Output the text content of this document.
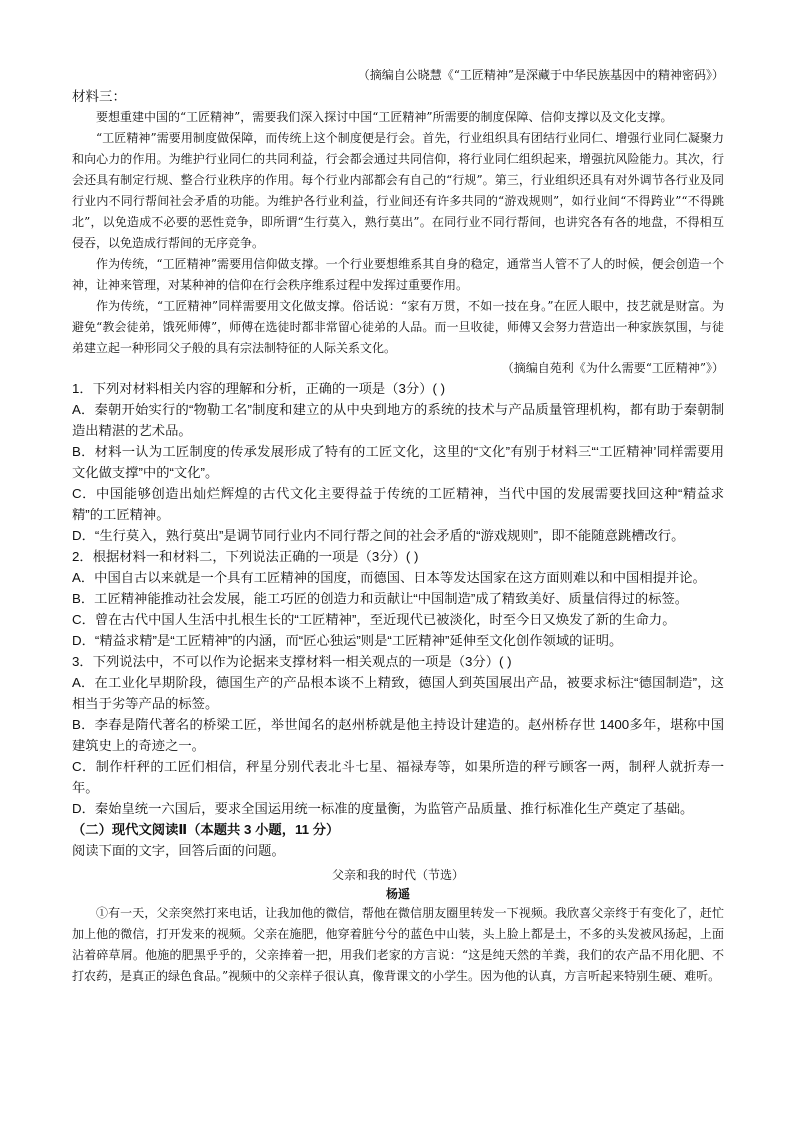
（摘编自公晓慧《“工匠精神”是深藏于中华民族基因中的精神密码》）
材料三：

要想重建中国的“工匠精神”，需要我们深入探讨中国“工匠精神”所需要的制度保障、信仰支撑以及文化支撑。

“工匠精神”需要用制度做保障，而传统上这个制度便是行会。首先，行业组织具有团结行业同仁、增强行业同仁凝聚力和向心力的作用。为维护行业同仁的共同利益，行会都会通过共同信仰，将行业同仁组织起来，增强抗风险能力。其次，行会还具有制定行规、整合行业秩序的作用。每个行业内部都会有自己的“行规”。第三，行业组织还具有对外调节各行业及同行业内不同行帮间社会矛盾的功能。为维护各行业利益，行业间还有许多共同的“游戏规则”，如行业间“不得跨业”“不得跳北”，以免造成不必要的恶性竞争，即所谓“生行莫入，熟行莫出”。在同行业不同行帮间，也讲究各有各的地盘，不得相互侵吞，以免造成行帮间的无序竞争。

作为传统，“工匠精神”需要用信仰做支撑。一个行业要想维系其自身的稳定，通常当人管不了人的时候，便会创造一个神，让神来管理，对某种神的信仰在行会秩序维系过程中发挥过重要作用。

作为传统，“工匠精神”同样需要用文化做支撑。俗话说：“家有万贯，不如一技在身。”在匠人眼中，技艺就是财富。为避免“教会徒弟，饿死师傅”，师傅在选徒时都非常留心徒弟的人品。而一旦收徒，师傅又会努力营造出一种家族氛围，与徒弟建立起一种形同父子般的具有宗法制特征的人际关系文化。

（摘编自苑利《为什么需要“工匠精神”》）

1．下列对材料相关内容的理解和分析，正确的一项是（3分）( )

A．秦朝开始实行的“物勒工名”制度和建立的从中央到地方的系统的技术与产品质量管理机构，都有助于秦朝制造出精湛的艺术品。

B．材料一认为工匠制度的传承发展形成了特有的工匠文化，这里的“文化”有别于材料三“‘工匠精神’同样需要用文化做支撑”中的“文化”。

C．中国能够创造出灿烂辉煌的古代文化主要得益于传统的工匠精神，当代中国的发展需要找回这种“精益求精”的工匠精神。

D．“生行莫入，熟行莫出”是调节同行业内不同行帮之间的社会矛盾的“游戏规则”，即不能随意跳槽改行。

2．根据材料一和材料二，下列说法正确的一项是（3分）( )

A．中国自古以来就是一个具有工匠精神的国度，而德国、日本等发达国家在这方面则难以和中国相提并论。

B．工匠精神能推动社会发展，能工巧匠的创造力和贡献让“中国制造”成了精致美好、质量信得过的标签。

C．曾在古代中国人生活中扎根生长的“工匠精神”，至近现代已被淡化，时至今日又焕发了新的生命力。

D．“精益求精”是“工匠精神”的内涵，而“匠心独运”则是“工匠精神”延伸至文化创作领域的证明。

3．下列说法中，不可以作为论据来支撑材料一相关观点的一项是（3分）( )

A．在工业化早期阶段，德国生产的产品根本谈不上精致，德国人到英国展出产品，被要求标注“德国制造”，这相当于劣等产品的标签。

B．李春是隋代著名的桥梁工匠，举世闻名的赵州桥就是他主持设计建造的。赵州桥存世 1400多年，堪称中国建筑史上的奇迹之一。

C．制作杆秤的工匠们相信，秤星分别代表北斗七星、福禄寿等，如果所造的秤亏顾客一两，制秤人就折寿一年。

D．秦始皇统一六国后，要求全国运用统一标准的度量衡，为监管产品质量、推行标准化生产奠定了基础。

（二）现代文阅读Ⅱ（本题共 3 小题，11 分）

阅读下面的文字，回答后面的问题。

父亲和我的时代（节选）
杨遥

①有一天，父亲突然打来电话，让我加他的微信，帮他在微信朋友圈里转发一下视频。我欣喜父亲终于有变化了，赶忙加上他的微信，打开发来的视频。父亲在施肥，他穿着脏兮兮的蓝色中山装，头上脸上都是土，不多的头发被风扬起，上面沾着碎草屑。他施的肥黑乎乎的，父亲捧着一把，用我们老家的方言说：“这是纯天然的羊粪，我们的农产品不用化肥、不打农药，是真正的绿色食品。”视频中的父亲样子很认真，像背课文的小学生。因为他的认真，方言听起来特别生硬、难听。
